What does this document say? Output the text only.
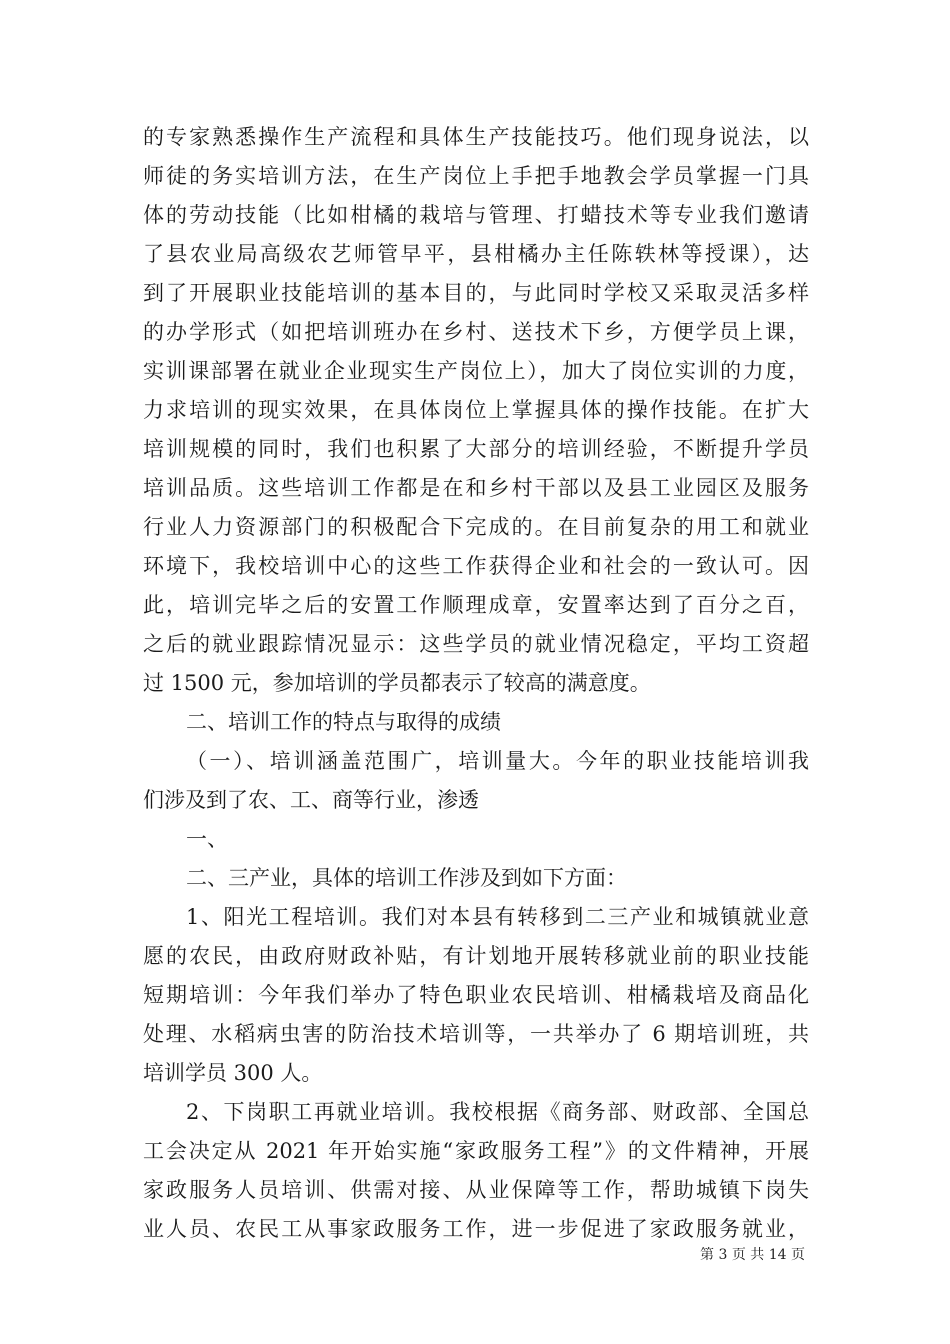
的专家熟悉操作生产流程和具体生产技能技巧。他们现身说法，以
师徒的务实培训方法，在生产岗位上手把手地教会学员掌握一门具
体的劳动技能（比如柑橘的栽培与管理、打蜡技术等专业我们邀请
了县农业局高级农艺师管早平，县柑橘办主任陈轶林等授课），达
到了开展职业技能培训的基本目的，与此同时学校又采取灵活多样
的办学形式（如把培训班办在乡村、送技术下乡，方便学员上课，
实训课部署在就业企业现实生产岗位上），加大了岗位实训的力度，
力求培训的现实效果，在具体岗位上掌握具体的操作技能。在扩大
培训规模的同时，我们也积累了大部分的培训经验，不断提升学员
培训品质。这些培训工作都是在和乡村干部以及县工业园区及服务
行业人力资源部门的积极配合下完成的。在目前复杂的用工和就业
环境下，我校培训中心的这些工作获得企业和社会的一致认可。因
此，培训完毕之后的安置工作顺理成章，安置率达到了百分之百，
之后的就业跟踪情况显示：这些学员的就业情况稳定，平均工资超
过 1500 元，参加培训的学员都表示了较高的满意度。
二、培训工作的特点与取得的成绩
（一）、培训涵盖范围广，培训量大。今年的职业技能培训我
们涉及到了农、工、商等行业，渗透
一、
二、三产业，具体的培训工作涉及到如下方面：
1、阳光工程培训。我们对本县有转移到二三产业和城镇就业意
愿的农民，由政府财政补贴，有计划地开展转移就业前的职业技能
短期培训：今年我们举办了特色职业农民培训、柑橘栽培及商品化
处理、水稻病虫害的防治技术培训等，一共举办了 6 期培训班，共
培训学员 300 人。
2、下岗职工再就业培训。我校根据《商务部、财政部、全国总
工会决定从 2021 年开始实施“家政服务工程”》的文件精神，开展
家政服务人员培训、供需对接、从业保障等工作，帮助城镇下岗失
业人员、农民工从事家政服务工作，进一步促进了家政服务就业，
第 3 页 共 14 页
